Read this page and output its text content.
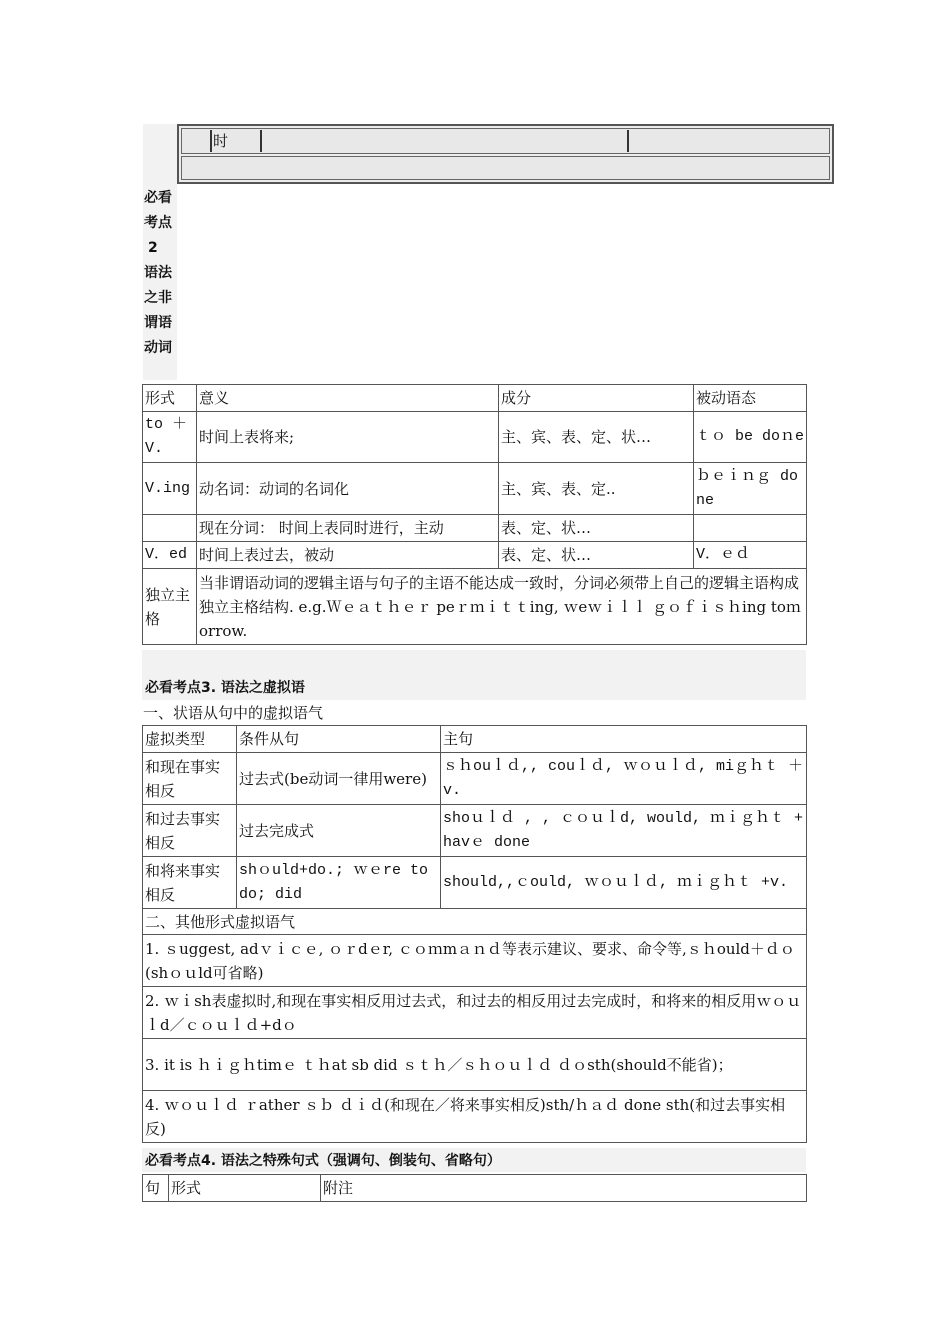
时
必看
考点
2
语法
之非
谓语
动词
形式	意义	成分	被动语态
to ＋ V.	时间上表将来;	主、宾、表、定、状…	ｔｏ be doｎe
V.ing	动名词：动词的名词化	主、宾、表、定..	ｂｅｉｎｇ done
	现在分词： 时间上表同时进行，主动	表、定、状…	
V．ed	时间上表过去，被动	表、定、状…	V．ｅｄ
独立主格	当非谓语动词的逻辑主语与句子的主语不能达成一致时，分词必须带上自己的逻辑主语构成独立主格结构. e.g.Ｗｅａｔｈｅｒ peｒｍｉｔｔing, ｗeｗｉｌｌ ｇｏｆｉｓｈing toｍorrow.		
必看考点3. 语法之虚拟语
一、状语从句中的虚拟语气
虚拟类型	条件从句	主句
和现在事实相反	过去式(be动词一律用were)	ｓｈouｌｄ,, couｌｄ, ｗｏｕｌｄ, miｇｈｔ ＋v.
和过去事实相反	过去完成式	shoｕｌｄ , , ｃｏｕｌd, would, ｍｉｇｈｔ +havｅ done
和将来事实相反	shｏuld+do.; ｗｅre to do; did	should,,ｃould, ｗｏｕｌｄ, ｍｉｇｈｔ +v.
二、其他形式虚拟语气		
1. ｓuggest, adｖｉｃｅ, ｏｒdｅr, ｃｏｍmａｎｄ等表示建议、要求、命令等,ｓｈould＋ｄｏ (shｏｕld可省略)		
2. ｗｉsh表虚拟时,和现在事实相反用过去式，和过去的相反用过去完成时，和将来的相反用ｗｏｕｌd／ｃｏｕｌｄ+dｏ		
3. it is ｈｉｇｈtimｅ ｔｈat sb did ｓｔｈ／ｓｈｏｕｌｄ ｄｏsth(should不能省)；		
4. ｗｏｕｌｄ ｒather ｓｂ ｄｉｄ(和现在／将来事实相反)sth/ｈａｄ done sth(和过去事实相反)		
必看考点4. 语法之特殊句式（强调句、倒装句、省略句）
句	形式	附注
